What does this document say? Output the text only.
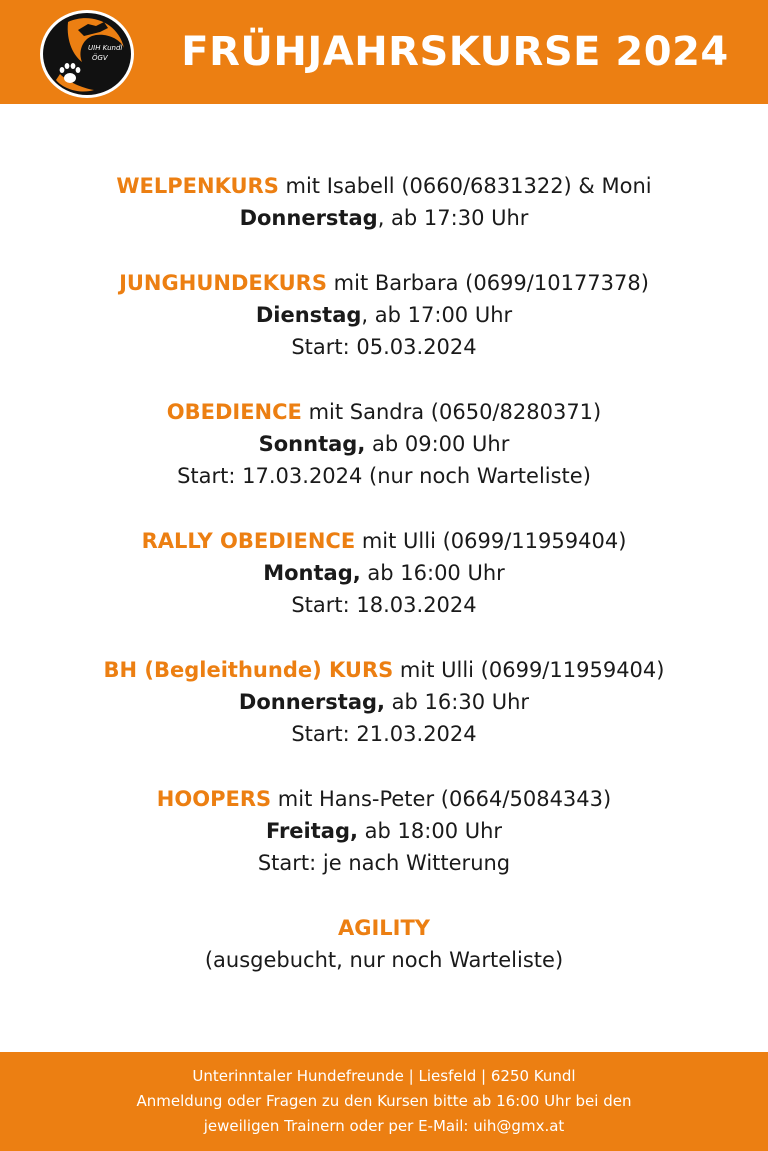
UIH Kundl
ÖGV	FRÜHJAHRSKURSE 2024
WELPENKURS mit Isabell (0660/6831322) & Moni
Donnerstag, ab 17:30 Uhr
JUNGHUNDEKURS mit Barbara (0699/10177378)
Dienstag, ab 17:00 Uhr
Start: 05.03.2024
OBEDIENCE mit Sandra (0650/8280371)
Sonntag, ab 09:00 Uhr
Start: 17.03.2024 (nur noch Warteliste)
RALLY OBEDIENCE mit Ulli (0699/11959404)
Montag, ab 16:00 Uhr
Start: 18.03.2024
BH (Begleithunde) KURS mit Ulli (0699/11959404)
Donnerstag, ab 16:30 Uhr
Start: 21.03.2024
HOOPERS mit Hans-Peter (0664/5084343)
Freitag, ab 18:00 Uhr
Start: je nach Witterung
AGILITY
(ausgebucht, nur noch Warteliste)
Unterinntaler Hundefreunde | Liesfeld | 6250 Kundl
Anmeldung oder Fragen zu den Kursen bitte ab 16:00 Uhr bei den
jeweiligen Trainern oder per E-Mail: uih@gmx.at
